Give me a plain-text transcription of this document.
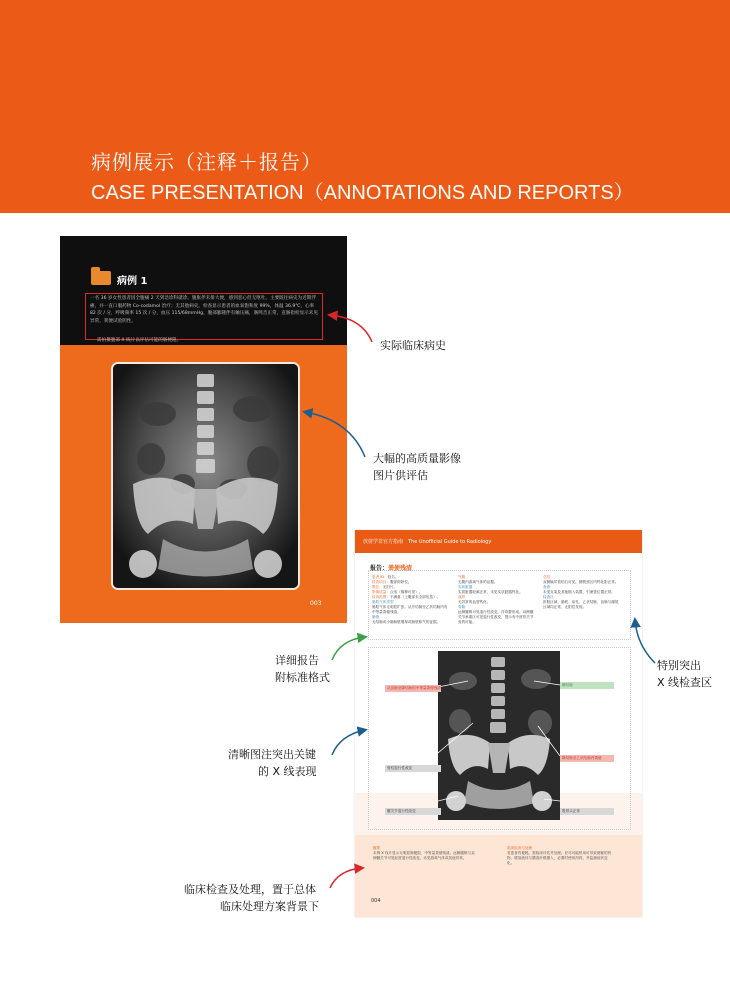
病例展示（注释＋报告）
CASE PRESENTATION（ANNOTATIONS AND REPORTS）
病例 1
一名 36 岁女性患者因全腹痛 2 天到急诊科就诊。腹胀伴未排大便，感到恶心但无呕吐。主要既往病史为近期浮痛，并一直口服药物 Co-codamol 治疗；无其他病史。检查显示患者的血氧饱和度 99%，体温 36.9℃，心率 82 次 / 分，呼吸频率 15 次 / 分，血压 115/68mmHg，腹部膨隆伴有触压痛，肠鸣音正常，直肠指检显示未见异常，粪便试验阴性。
需拍摄腹部 X 线片以评估可能的肠梗阻。
003
放射学非官方指南　The Unofficial Guide to Radiology
报告：粪便残渣
患者 ID：姓名。
检查项目：腹部仰卧位。
既往：无旧片。
影像质量：合适（稀释可见）。
检查范围：不满意（上腹部未全部包括）。
肠腔气体类型
肠腔气体无明显扩张。从升结肠至乙状结肠内有中等量粪便残渣。
肠壁
无结肠或小肠肠壁增厚或肠壁积气的证据。
气腹
无腹内游离气体的证据。
实质脏器
实质脏器轮廓正常，未见实质脏器钙化。
血管
无异常的血管钙化。
骨骼
远侧腰椎可见退行性改变，伴骨赘形成。双侧髋关节承重区可见退行性改变，提示有中度骨关节炎的可能。
总结：
双侧输尿管结石可见，膀胱颈区内钙化影正常。
查看：
未见支架及其他植入装置，引流管位置正常。
检查区：
肝脏区域、肺底、疝孔、乙状结肠、盲肠与阑尾区域均正常，无阳性发现。
从盲肠至降结肠的中等量粪便残渣
脊柱退行性改变
髋关节退行性改变
横结肠
降结肠至乙状结肠内粪便
股骨头正常
概要
本例 X 线片显示无明显肠梗阻，中等量粪便残渣。远侧腰椎与双侧髋关节可见轻度退行性改变，未见游离气体或其他异常。
临床检查与处理
若患者有便秘，需临床评估并处理。应尽可能停用可导致便秘的药物，增加液体与膳食纤维摄入，必要时使用泻药，并监测症状变化。
004
实际临床病史
大幅的高质量影像
图片供评估
详细报告
附标准格式
特别突出
X 线检查区
清晰图注突出关键
的 X 线表现
临床检查及处理，置于总体
临床处理方案背景下
